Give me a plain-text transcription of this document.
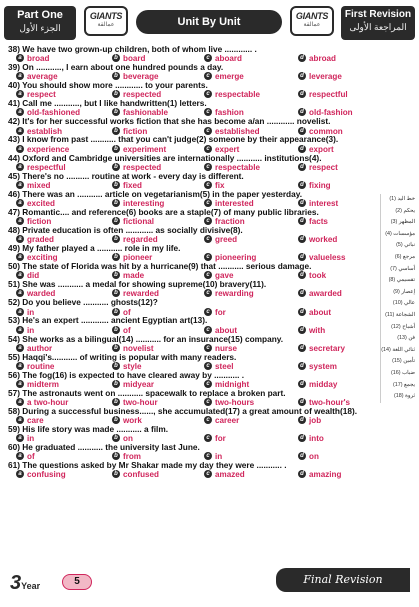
Part One
الجزء الأول
GIANTS
عمالقة	Unit By Unit	GIANTS
عمالقة
First Revision
المراجعة الأولى
38) We have two grown-up children, both of whom live ............ .
a broad	b board	c aboard	d abroad
39) On ..........., I earn about one hundred pounds a day.
a average	b beverage	c emerge	d leverage
40) You should show more ............ to your parents.
a respect	b respected	c respectable	d respectful
41) Call me ..........., but I like handwritten(1) letters.
a old-fashioned	b fashionable	c fashion	d old-fashion
42) It's for her successful works fiction that she has become a/an ............ novelist.
a establish	b fiction	c established	d common
43) I know from past ........... that you can't judge(2) someone by their appearance(3).
a experience	b experiment	c expert	d export
44) Oxford and Cambridge universities are internationally ........... institutions(4).
a respectful	b respected	c respectable	d respect
45) There's no .......... routine at work - every day is different.
a mixed	b fixed	c fix	d fixing
46) There was an ........... article on vegetarianism(5) in the paper yesterday.
a excited	b interesting	c interested	d interest
47) Romantic.... and reference(6) books are a staple(7) of many public libraries.
a fiction	b fictional	c fraction	d facts
48) Private education is often ............ as socially divisive(8).
a graded	b regarded	c greed	d worked
49) My father played a ........... role in my life.
a exciting	b pioneer	c pioneering	d valueless
50) The state of Florida was hit by a hurricane(9) that ........... serious damage.
a did	b made	c gave	d took
51) She was ........... a medal for showing supreme(10) bravery(11).
a warded	b rewarded	c rewarding	d awarded
52) Do you believe ........... ghosts(12)?
a in	b of	c for	d about
53) He's an expert ............ ancient Egyptian art(13).
a in	b of	c about	d with
54) She works as a bilingual(14) ........... for an insurance(15) company.
a author	b novelist	c nurse	d secretary
55) Haqqi's........... of writing is popular with many readers.
a routine	b style	c steel	d system
56) The fog(16) is expected to have cleared away by ........... .
a midterm	b midyear	c midnight	d midday
57) The astronauts went on ........... spacewalk to replace a broken part.
a a two-hour	b two-hour	c two-hours	d two-hour's
58) During a successful business......, she accumulated(17) a great amount of wealth(18).
a care	b work	c career	d job
59) His life story was made ........... a film.
a in	b on	c for	d into
60) He graduated ........... the university last June.
a of	b from	c in	d on
61) The questions asked by Mr Shakar made my day they were ........... .
a confusing	b confused	c amazed	d amazing
(1) خط اليد
(2) يحكم
(3) المظهر
(4) مؤسسات
(5) نباتي
(6) مرجع
(7) أساسي
(8) تقسيمي
(9) إعصار
(10) عالي
(11) الشجاعة
(12) أشباح
(13) فن
(14) ثنائي اللغة
(15) تأمين
(16) ضباب
(17) يجمع
(18) ثروة
3Year	5	Final Revision
